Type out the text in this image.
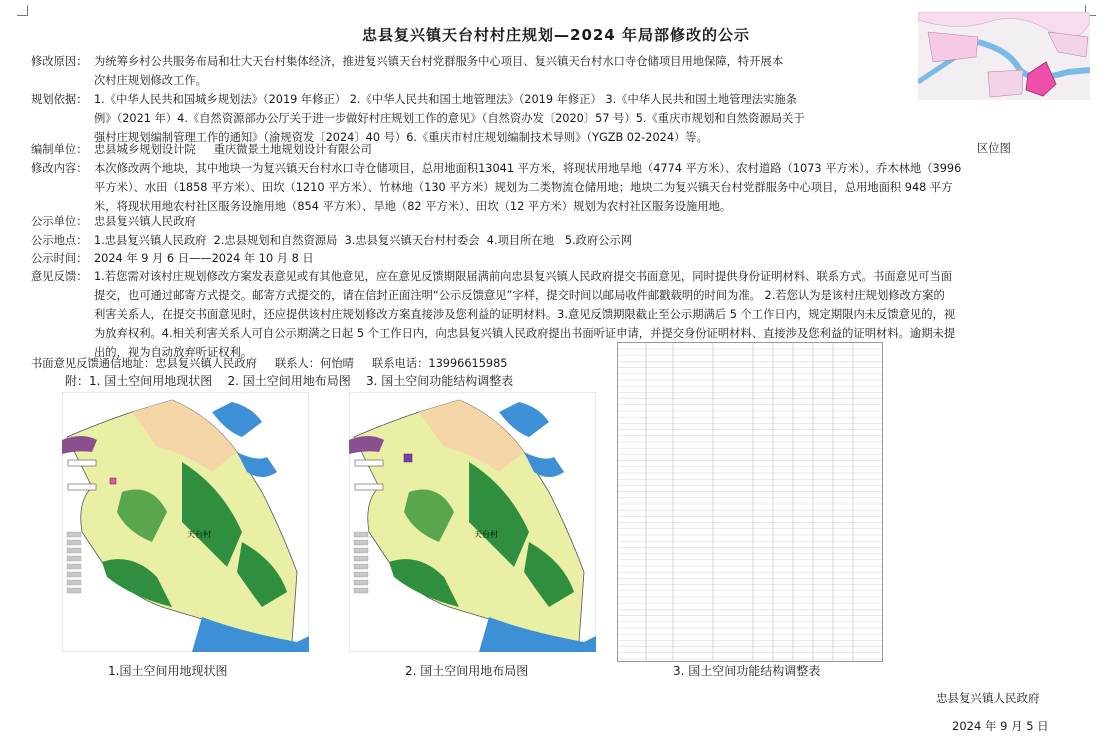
忠县复兴镇天台村村庄规划—2024 年局部修改的公示
修改原因： 为统筹乡村公共服务布局和壮大天台村集体经济，推进复兴镇天台村党群服务中心项目、复兴镇天台村水口寺仓储项目用地保障，特开展本
次村庄规划修改工作。
规划依据： 1.《中华人民共和国城乡规划法》（2019 年修正） 2.《中华人民共和国土地管理法》（2019 年修正） 3.《中华人民共和国土地管理法实施条
例》（2021 年）4.《自然资源部办公厅关于进一步做好村庄规划工作的意见》（自然资办发〔2020〕57 号）5.《重庆市规划和自然资源局关于
强村庄规划编制管理工作的通知》（渝规资发〔2024〕40 号）6.《重庆市村庄规划编制技术导则》（YGZB 02-2024）等。
编制单位： 忠县城乡规划设计院     重庆微景土地规划设计有限公司	区位图
修改内容： 本次修改两个地块，其中地块一为复兴镇天台村水口寺仓储项目，总用地面积13041 平方米，将现状用地旱地（4774 平方米）、农村道路（1073 平方米）、乔木林地（3996
平方米）、水田（1858 平方米）、田坎（1210 平方米）、竹林地（130 平方米）规划为二类物流仓储用地；地块二为复兴镇天台村党群服务中心项目，总用地面积 948 平方
米，将现状用地农村社区服务设施用地（854 平方米）、旱地（82 平方米）、田坎（12 平方米）规划为农村社区服务设施用地。
公示单位： 忠县复兴镇人民政府
公示地点： 1.忠县复兴镇人民政府  2.忠县规划和自然资源局  3.忠县复兴镇天台村村委会  4.项目所在地   5.政府公示网
公示时间： 2024 年 9 月 6 日——2024 年 10 月 8 日
意见反馈： 1.若您需对该村庄规划修改方案发表意见或有其他意见，应在意见反馈期限届满前向忠县复兴镇人民政府提交书面意见，同时提供身份证明材料、联系方式。书面意见可当面
提交，也可通过邮寄方式提交。邮寄方式提交的，请在信封正面注明“公示反馈意见”字样，提交时间以邮局收件邮戳载明的时间为准。 2.若您认为是该村庄规划修改方案的
利害关系人，在提交书面意见时，还应提供该村庄规划修改方案直接涉及您利益的证明材料。3.意见反馈期限截止至公示期满后 5 个工作日内，规定期限内未反馈意见的，视
为放弃权利。4.相关利害关系人可自公示期满之日起 5 个工作日内，向忠县复兴镇人民政府提出书面听证申请，并提交身份证明材料、直接涉及您利益的证明材料。逾期未提
出的，视为自动放弃听证权利。
书面意见反馈通信地址：忠县复兴镇人民政府     联系人：何怡晴     联系电话：13996615985
附：1. 国土空间用地现状图    2. 国土空间用地布局图    3. 国土空间功能结构调整表
天台村	天台村
1.国土空间用地现状图	2. 国土空间用地布局图	3. 国土空间功能结构调整表
忠县复兴镇人民政府
2024 年 9 月 5 日
